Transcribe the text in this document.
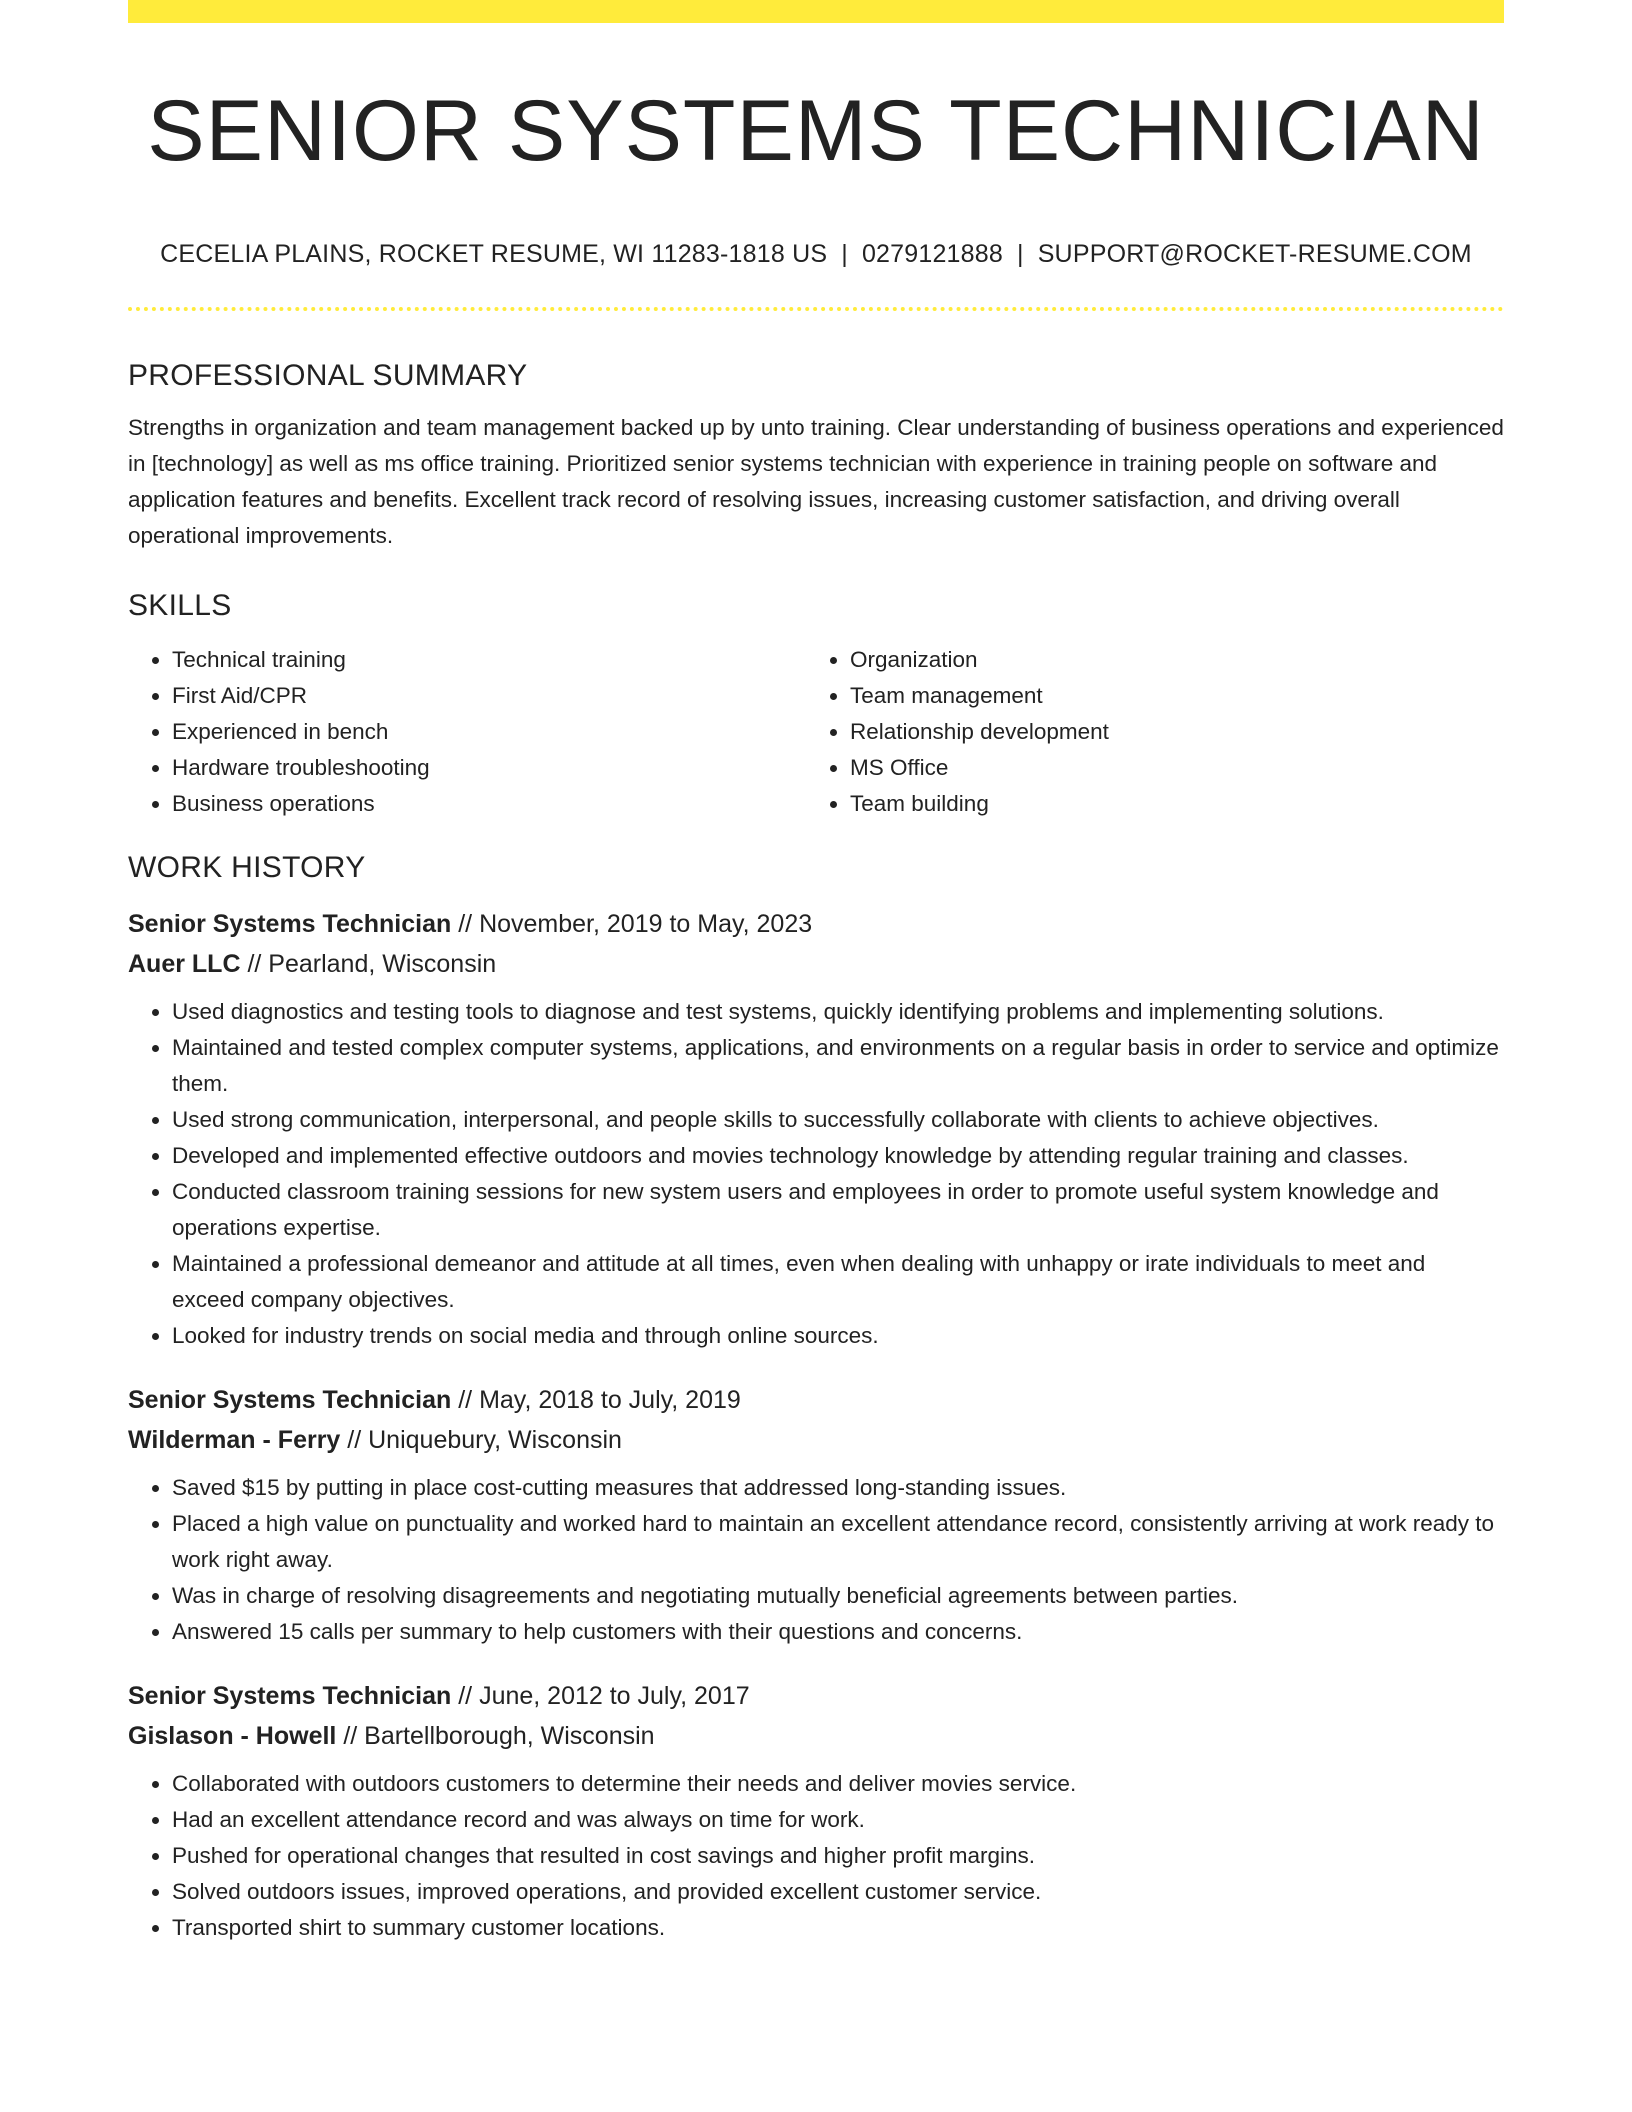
SENIOR SYSTEMS TECHNICIAN
CECELIA PLAINS, ROCKET RESUME, WI 11283-1818 US | 0279121888 | SUPPORT@ROCKET-RESUME.COM
PROFESSIONAL SUMMARY

Strengths in organization and team management backed up by unto training. Clear understanding of business operations and experienced in [technology] as well as ms office training. Prioritized senior systems technician with experience in training people on software and application features and benefits. Excellent track record of resolving issues, increasing customer satisfaction, and driving overall operational improvements.

SKILLS
• Technical training
• First Aid/CPR
• Experienced in bench
• Hardware troubleshooting
• Business operations
• Organization
• Team management
• Relationship development
• MS Office
• Team building
WORK HISTORY
Senior Systems Technician // November, 2019 to May, 2023
Auer LLC // Pearland, Wisconsin
• Used diagnostics and testing tools to diagnose and test systems, quickly identifying problems and implementing solutions.
• Maintained and tested complex computer systems, applications, and environments on a regular basis in order to service and optimize them.
• Used strong communication, interpersonal, and people skills to successfully collaborate with clients to achieve objectives.
• Developed and implemented effective outdoors and movies technology knowledge by attending regular training and classes.
• Conducted classroom training sessions for new system users and employees in order to promote useful system knowledge and operations expertise.
• Maintained a professional demeanor and attitude at all times, even when dealing with unhappy or irate individuals to meet and exceed company objectives.
• Looked for industry trends on social media and through online sources.
Senior Systems Technician // May, 2018 to July, 2019
Wilderman - Ferry // Uniquebury, Wisconsin
• Saved $15 by putting in place cost-cutting measures that addressed long-standing issues.
• Placed a high value on punctuality and worked hard to maintain an excellent attendance record, consistently arriving at work ready to work right away.
• Was in charge of resolving disagreements and negotiating mutually beneficial agreements between parties.
• Answered 15 calls per summary to help customers with their questions and concerns.
Senior Systems Technician // June, 2012 to July, 2017
Gislason - Howell // Bartellborough, Wisconsin
• Collaborated with outdoors customers to determine their needs and deliver movies service.
• Had an excellent attendance record and was always on time for work.
• Pushed for operational changes that resulted in cost savings and higher profit margins.
• Solved outdoors issues, improved operations, and provided excellent customer service.
• Transported shirt to summary customer locations.
